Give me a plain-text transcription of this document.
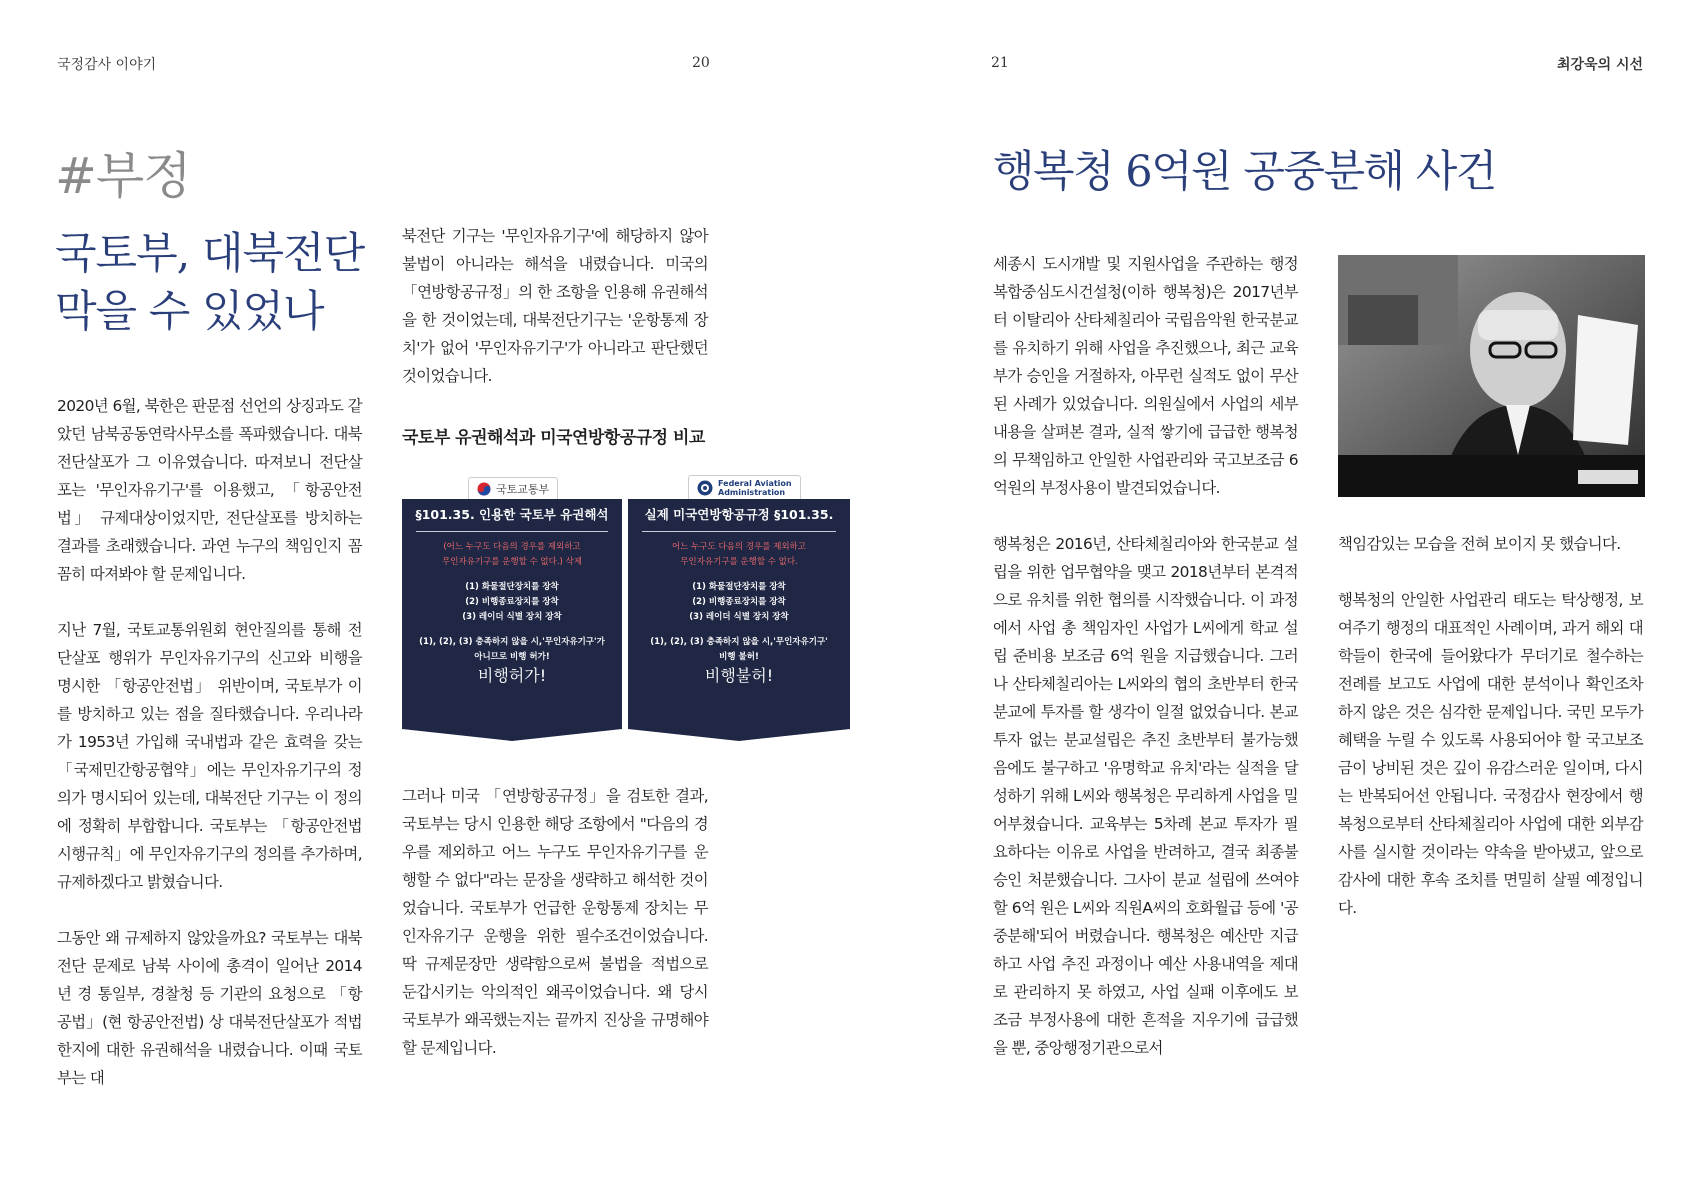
국정감사 이야기	20
#부정
국토부, 대북전단
막을 수 있었나

2020년 6월, 북한은 판문점 선언의 상징과도 같았던 남북공동연락사무소를 폭파했습니다. 대북전단살포가 그 이유였습니다. 따져보니 전단살포는 '무인자유기구'를 이용했고, 「항공안전법」 규제대상이었지만, 전단살포를 방치하는 결과를 초래했습니다. 과연 누구의 책임인지 꼼꼼히 따져봐야 할 문제입니다.

지난 7월, 국토교통위원회 현안질의를 통해 전단살포 행위가 무인자유기구의 신고와 비행을 명시한 「항공안전법」 위반이며, 국토부가 이를 방치하고 있는 점을 질타했습니다. 우리나라가 1953년 가입해 국내법과 같은 효력을 갖는 「국제민간항공협약」에는 무인자유기구의 정의가 명시되어 있는데, 대북전단 기구는 이 정의에 정확히 부합합니다. 국토부는 「항공안전법 시행규칙」에 무인자유기구의 정의를 추가하며, 규제하겠다고 밝혔습니다.

그동안 왜 규제하지 않았을까요? 국토부는 대북전단 문제로 남북 사이에 총격이 일어난 2014년 경 통일부, 경찰청 등 기관의 요청으로 「항공법」(현 항공안전법) 상 대북전단살포가 적법한지에 대한 유권해석을 내렸습니다. 이때 국토부는 대

북전단 기구는 '무인자유기구'에 해당하지 않아 불법이 아니라는 해석을 내렸습니다. 미국의 「연방항공규정」의 한 조항을 인용해 유권해석을 한 것이었는데, 대북전단기구는 '운항통제 장치'가 없어 '무인자유기구'가 아니라고 판단했던 것이었습니다.

국토부 유권해석과 미국연방항공규정 비교
국토교통부
§101.35. 인용한 국토부 유권해석
(어느 누구도 다음의 경우를 제외하고
무인자유기구를 운행할 수 없다.) 삭제
(1) 화물절단장치를 장착
(2) 비행종료장치를 장착
(3) 레이더 식별 장치 장착
(1), (2), (3) 충족하지 않을 시,'무인자유기구'가
아니므로 비행 허가!
비행허가!
Federal Aviation
Administration
실제 미국연방항공규정 §101.35.
어느 누구도 다음의 경우를 제외하고
무인자유기구를 운행할 수 없다.
(1) 화물절단장치를 장착
(2) 비행종료장치를 장착
(3) 레이더 식별 장치 장착
(1), (2), (3) 충족하지 않을 시,'무인자유기구'
비행 불허!
비행불허!

그러나 미국 「연방항공규정」을 검토한 결과, 국토부는 당시 인용한 해당 조항에서 "다음의 경우를 제외하고 어느 누구도 무인자유기구를 운행할 수 없다"라는 문장을 생략하고 해석한 것이었습니다. 국토부가 언급한 운항통제 장치는 무인자유기구 운행을 위한 필수조건이었습니다. 딱 규제문장만 생략함으로써 불법을 적법으로 둔갑시키는 악의적인 왜곡이었습니다. 왜 당시 국토부가 왜곡했는지는 끝까지 진상을 규명해야 할 문제입니다.

21	최강욱의 시선
행복청 6억원 공중분해 사건

세종시 도시개발 및 지원사업을 주관하는 행정복합중심도시건설청(이하 행복청)은 2017년부터 이탈리아 산타체칠리아 국립음악원 한국분교를 유치하기 위해 사업을 추진했으나, 최근 교육부가 승인을 거절하자, 아무런 실적도 없이 무산된 사례가 있었습니다. 의원실에서 사업의 세부내용을 살펴본 결과, 실적 쌓기에 급급한 행복청의 무책임하고 안일한 사업관리와 국고보조금 6억원의 부정사용이 발견되었습니다.

행복청은 2016년, 산타체칠리아와 한국분교 설립을 위한 업무협약을 맺고 2018년부터 본격적으로 유치를 위한 협의를 시작했습니다. 이 과정에서 사업 총 책임자인 사업가 L씨에게 학교 설립 준비용 보조금 6억 원을 지급했습니다. 그러나 산타체칠리아는 L씨와의 협의 초반부터 한국분교에 투자를 할 생각이 일절 없었습니다. 본교 투자 없는 분교설립은 추진 초반부터 불가능했음에도 불구하고 '유명학교 유치'라는 실적을 달성하기 위해 L씨와 행복청은 무리하게 사업을 밀어부쳤습니다. 교육부는 5차례 본교 투자가 필요하다는 이유로 사업을 반려하고, 결국 최종불승인 처분했습니다. 그사이 분교 설립에 쓰여야 할 6억 원은 L씨와 직원A씨의 호화월급 등에 '공중분해'되어 버렸습니다. 행복청은 예산만 지급하고 사업 추진 과정이나 예산 사용내역을 제대로 관리하지 못 하였고, 사업 실패 이후에도 보조금 부정사용에 대한 흔적을 지우기에 급급했을 뿐, 중앙행정기관으로서

책임감있는 모습을 전혀 보이지 못 했습니다.

행복청의 안일한 사업관리 태도는 탁상행정, 보여주기 행정의 대표적인 사례이며, 과거 해외 대학들이 한국에 들어왔다가 무더기로 철수하는 전례를 보고도 사업에 대한 분석이나 확인조차 하지 않은 것은 심각한 문제입니다. 국민 모두가 혜택을 누릴 수 있도록 사용되어야 할 국고보조금이 낭비된 것은 깊이 유감스러운 일이며, 다시는 반복되어선 안됩니다. 국정감사 현장에서 행복청으로부터 산타체칠리아 사업에 대한 외부감사를 실시할 것이라는 약속을 받아냈고, 앞으로 감사에 대한 후속 조치를 면밀히 살필 예정입니다.
